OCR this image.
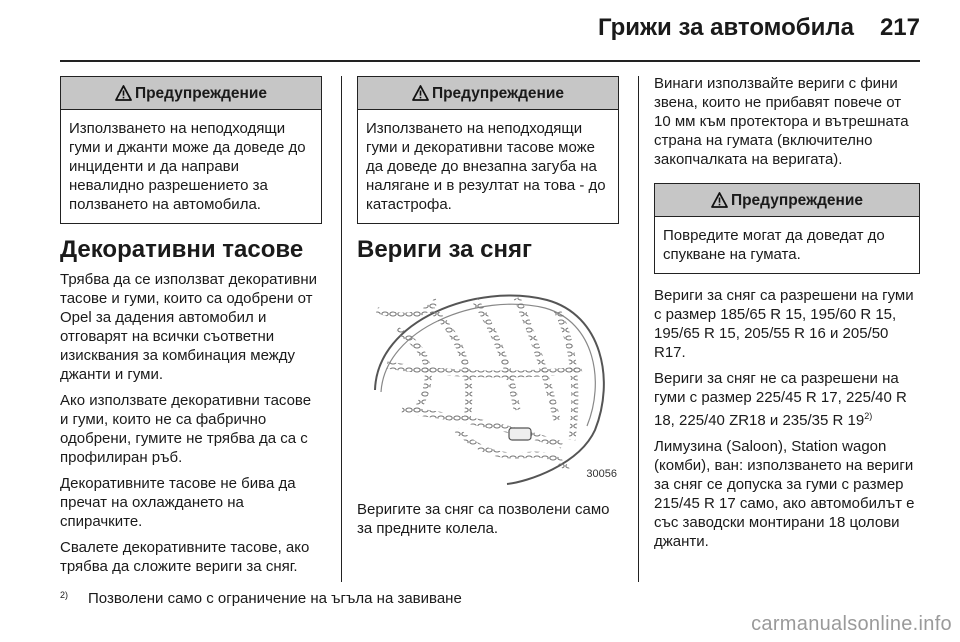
Грижи за автомобила 217
Предупреждение
Използването на неподходящи гуми и джанти може да доведе до инциденти и да направи невалидно разрешението за ползването на автомобила.
Декоративни тасове

Трябва да се използват декоративни тасове и гуми, които са одобрени от Opel за дадения автомобил и отговарят на всички съответни изисквания за комбинация между джанти и гуми.

Ако използвате декоративни тасове и гуми, които не са фабрично одобрени, гумите не трябва да са с профилиран ръб.

Декоративните тасове не бива да пречат на охлаждането на спирачките.

Свалете декоративните тасове, ако трябва да сложите вериги за сняг.

Предупреждение
Използването на неподходящи гуми и декоративни тасове може да доведе до внезапна загуба на налягане и в резултат на това - до катастрофа.
Вериги за сняг
30056

Веригите за сняг са позволени само за предните колела.

Винаги използвайте вериги с фини звена, които не прибавят повече от 10 мм към протектора и вътрешната страна на гумата (включително закопчалката на веригата).

Предупреждение
Повредите могат да доведат до спукване на гумата.

Вериги за сняг са разрешени на гуми с размер 185/65 R 15, 195/60 R 15, 195/65 R 15, 205/55 R 16 и 205/50 R17.

Вериги за сняг не са разрешени на гуми с размер 225/45 R 17, 225/40 R 18, 225/40 ZR18 и 235/35 R 19$^{2)}$

Лимузина (Saloon), Station wagon (комби), ван: използването на вериги за сняг се допуска за гуми с размер 215/45 R 17 само, ако автомобилът е със заводски монтирани 18 цолови джанти.

$^{2)}$ Позволени само с ограничение на ъгъла на завиване
carmanualsonline.info
